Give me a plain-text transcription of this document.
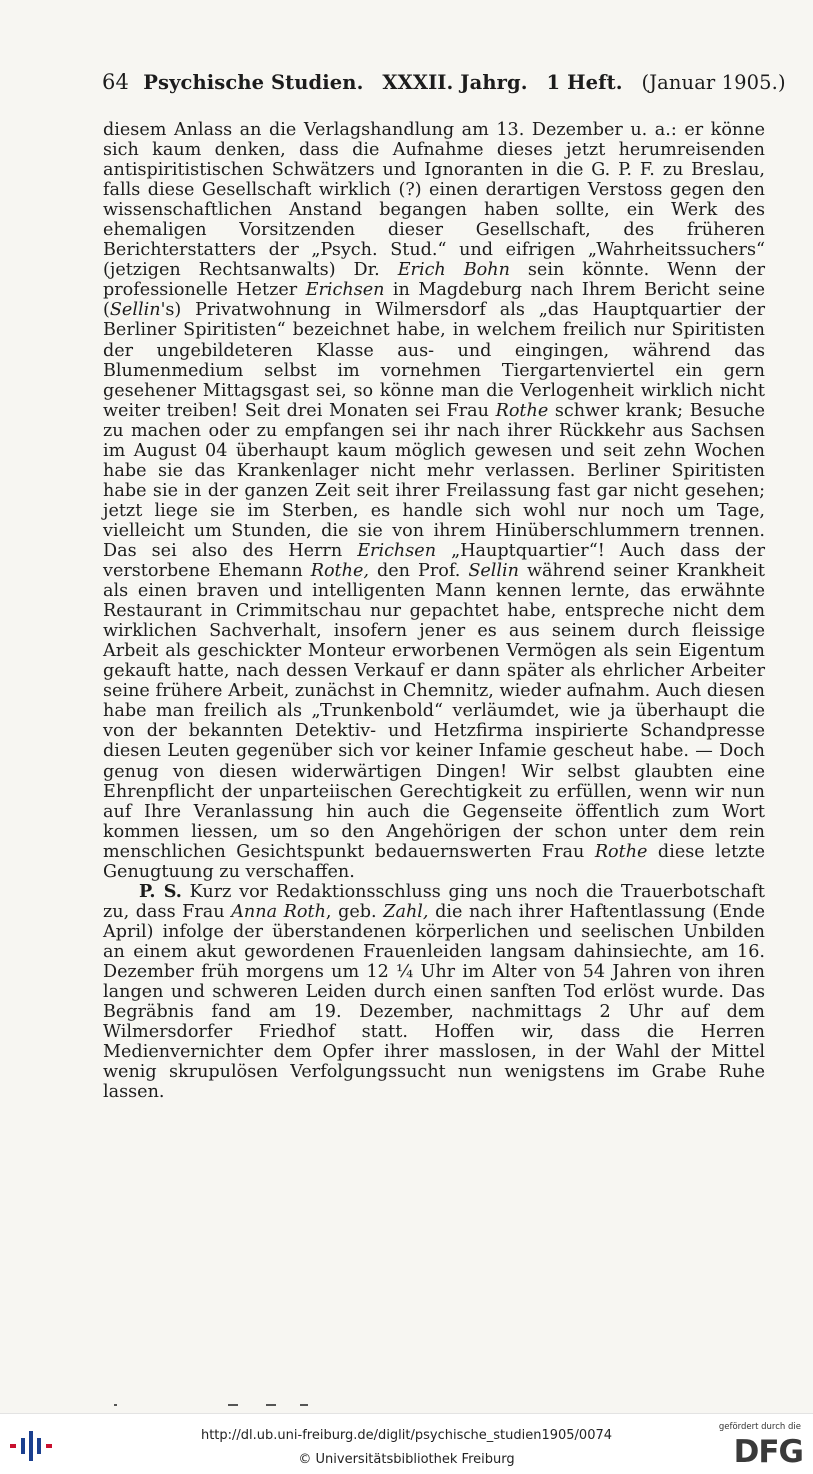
64 Psychische Studien. XXXII. Jahrg. 1 Heft. (Januar 1905.)

diesem Anlass an die Verlagshandlung am 13. Dezember u. a.: er könne sich kaum denken, dass die Aufnahme dieses jetzt herumreisenden antispiritistischen Schwätzers und Ignoranten in die G. P. F. zu Breslau, falls diese Gesellschaft wirklich (?) einen derartigen Verstoss gegen den wissenschaftlichen Anstand begangen haben sollte, ein Werk des ehemaligen Vorsitzenden dieser Gesellschaft, des früheren Berichterstatters der „Psych. Stud.“ und eifrigen „Wahrheitssuchers“ (jetzigen Rechtsanwalts) Dr. Erich Bohn sein könnte. Wenn der professionelle Hetzer Erichsen in Magdeburg nach Ihrem Bericht seine (Sellin's) Privatwohnung in Wilmersdorf als „das Hauptquartier der Berliner Spiritisten“ bezeichnet habe, in welchem freilich nur Spiritisten der ungebildeteren Klasse aus- und eingingen, während das Blumenmedium selbst im vornehmen Tiergartenviertel ein gern gesehener Mittagsgast sei, so könne man die Verlogenheit wirklich nicht weiter treiben! Seit drei Monaten sei Frau Rothe schwer krank; Besuche zu machen oder zu empfangen sei ihr nach ihrer Rückkehr aus Sachsen im August 04 überhaupt kaum möglich gewesen und seit zehn Wochen habe sie das Krankenlager nicht mehr verlassen. Berliner Spiritisten habe sie in der ganzen Zeit seit ihrer Freilassung fast gar nicht gesehen; jetzt liege sie im Sterben, es handle sich wohl nur noch um Tage, vielleicht um Stunden, die sie von ihrem Hinüberschlummern trennen. Das sei also des Herrn Erichsen „Hauptquartier“! Auch dass der verstorbene Ehemann Rothe, den Prof. Sellin während seiner Krankheit als einen braven und intelligenten Mann kennen lernte, das erwähnte Restaurant in Crimmitschau nur gepachtet habe, entspreche nicht dem wirklichen Sachverhalt, insofern jener es aus seinem durch fleissige Arbeit als geschickter Monteur erworbenen Vermögen als sein Eigentum gekauft hatte, nach dessen Verkauf er dann später als ehrlicher Arbeiter seine frühere Arbeit, zunächst in Chemnitz, wieder aufnahm. Auch diesen habe man freilich als „Trunkenbold“ verläumdet, wie ja überhaupt die von der bekannten Detektiv- und Hetzfirma inspirierte Schandpresse diesen Leuten gegenüber sich vor keiner Infamie gescheut habe. — Doch genug von diesen widerwärtigen Dingen! Wir selbst glaubten eine Ehrenpflicht der unparteiischen Gerechtigkeit zu erfüllen, wenn wir nun auf Ihre Veranlassung hin auch die Gegenseite öffentlich zum Wort kommen liessen, um so den Angehörigen der schon unter dem rein menschlichen Gesichtspunkt bedauernswerten Frau Rothe diese letzte Genugtuung zu verschaffen.

P. S. Kurz vor Redaktionsschluss ging uns noch die Trauerbotschaft zu, dass Frau Anna Roth, geb. Zahl, die nach ihrer Haftentlassung (Ende April) infolge der überstandenen körperlichen und seelischen Unbilden an einem akut gewordenen Frauenleiden langsam dahinsiechte, am 16. Dezember früh morgens um 12 ¼ Uhr im Alter von 54 Jahren von ihren langen und schweren Leiden durch einen sanften Tod erlöst wurde. Das Begräbnis fand am 19. Dezember, nachmittags 2 Uhr auf dem Wilmersdorfer Friedhof statt. Hoffen wir, dass die Herren Medienvernichter dem Opfer ihrer masslosen, in der Wahl der Mittel wenig skrupulösen Verfolgungssucht nun wenigstens im Grabe Ruhe lassen.

http://dl.ub.uni-freiburg.de/diglit/psychische_studien1905/0074
© Universitätsbibliothek Freiburg
gefördert durch die
DFG
